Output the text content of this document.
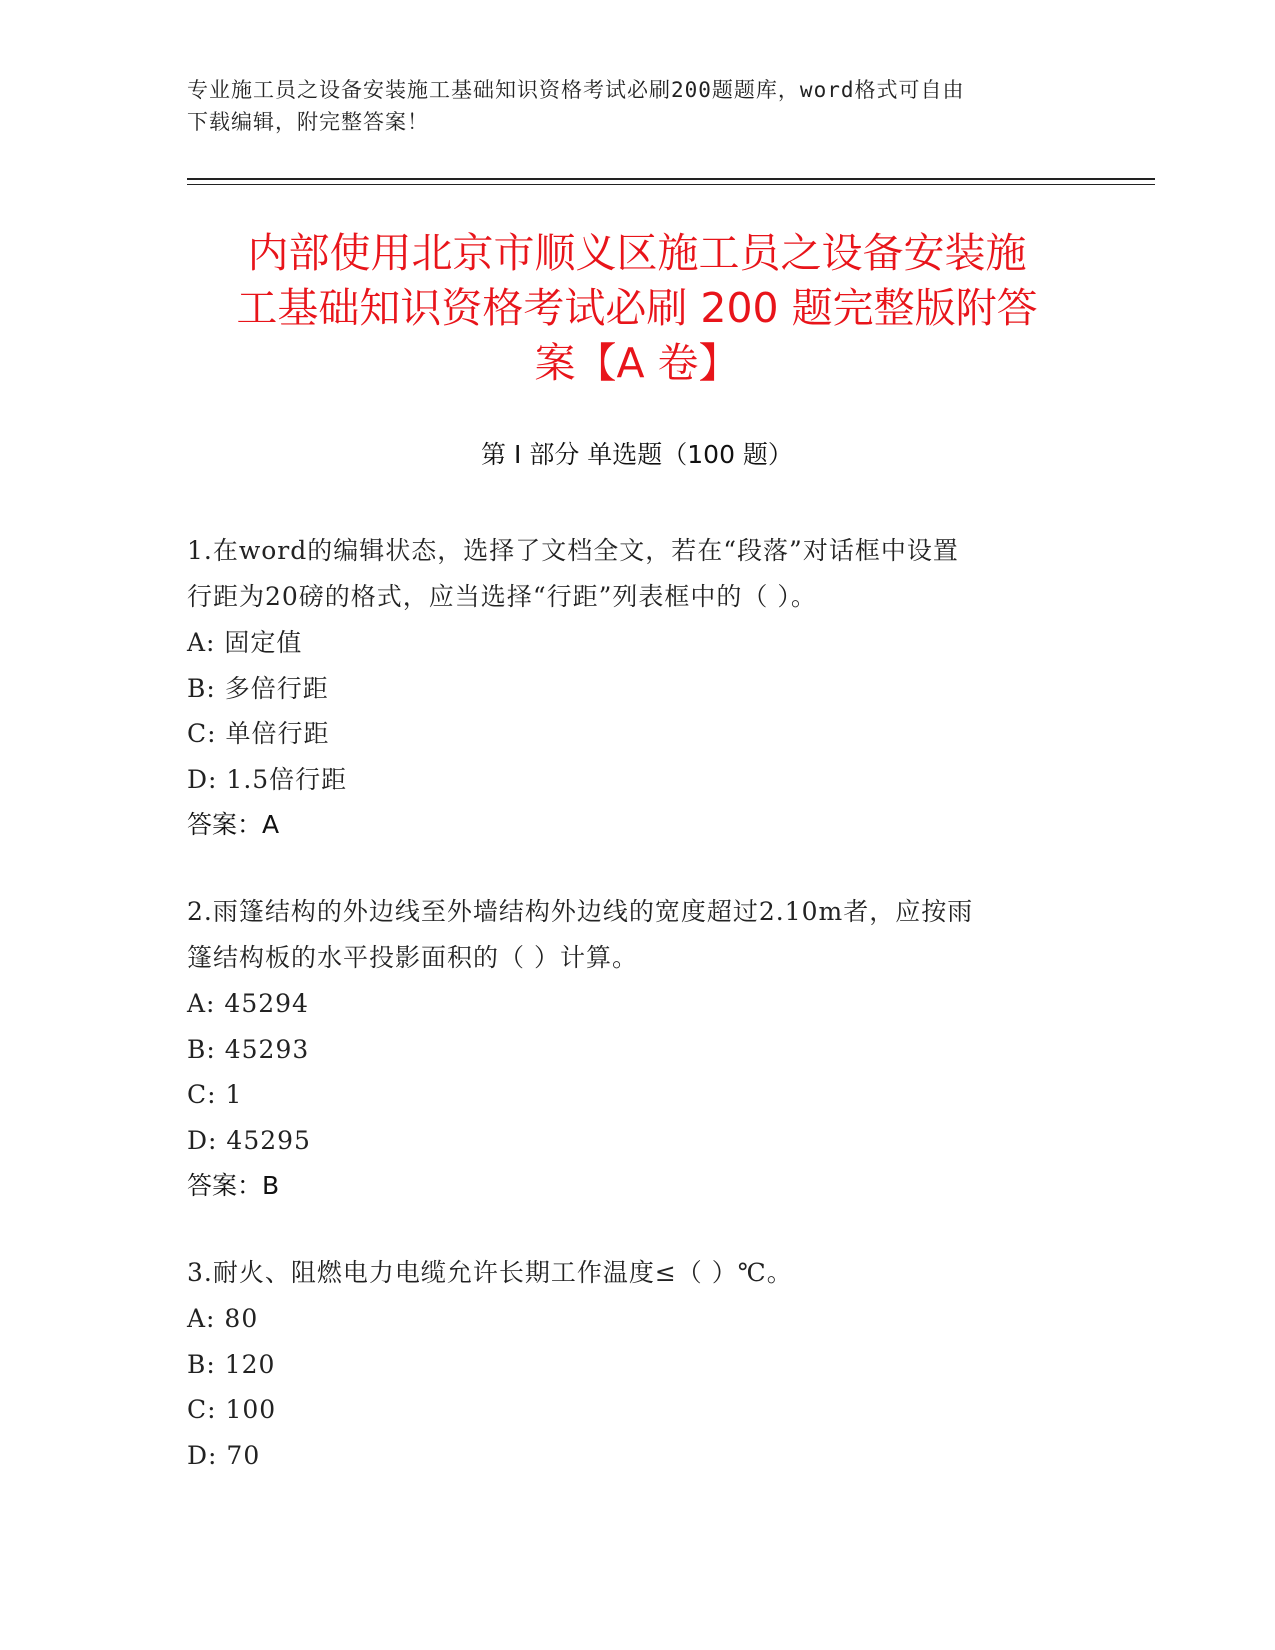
专业施工员之设备安装施工基础知识资格考试必刷200题题库，word格式可自由
下载编辑，附完整答案！
内部使用北京市顺义区施工员之设备安装施
工基础知识资格考试必刷 200 题完整版附答
案【A 卷】
第 I 部分 单选题（100 题）

1.在word的编辑状态，选择了文档全文，若在“段落”对话框中设置
行距为20磅的格式，应当选择“行距”列表框中的（ ）。

A: 固定值

B: 多倍行距

C: 单倍行距

D: 1.5倍行距

答案：A

2.雨篷结构的外边线至外墙结构外边线的宽度超过2.10m者，应按雨
篷结构板的水平投影面积的（ ）计算。

A: 45294

B: 45293

C: 1

D: 45295

答案：B

3.耐火、阻燃电力电缆允许长期工作温度≤（ ）℃。

A: 80

B: 120

C: 100

D: 70
